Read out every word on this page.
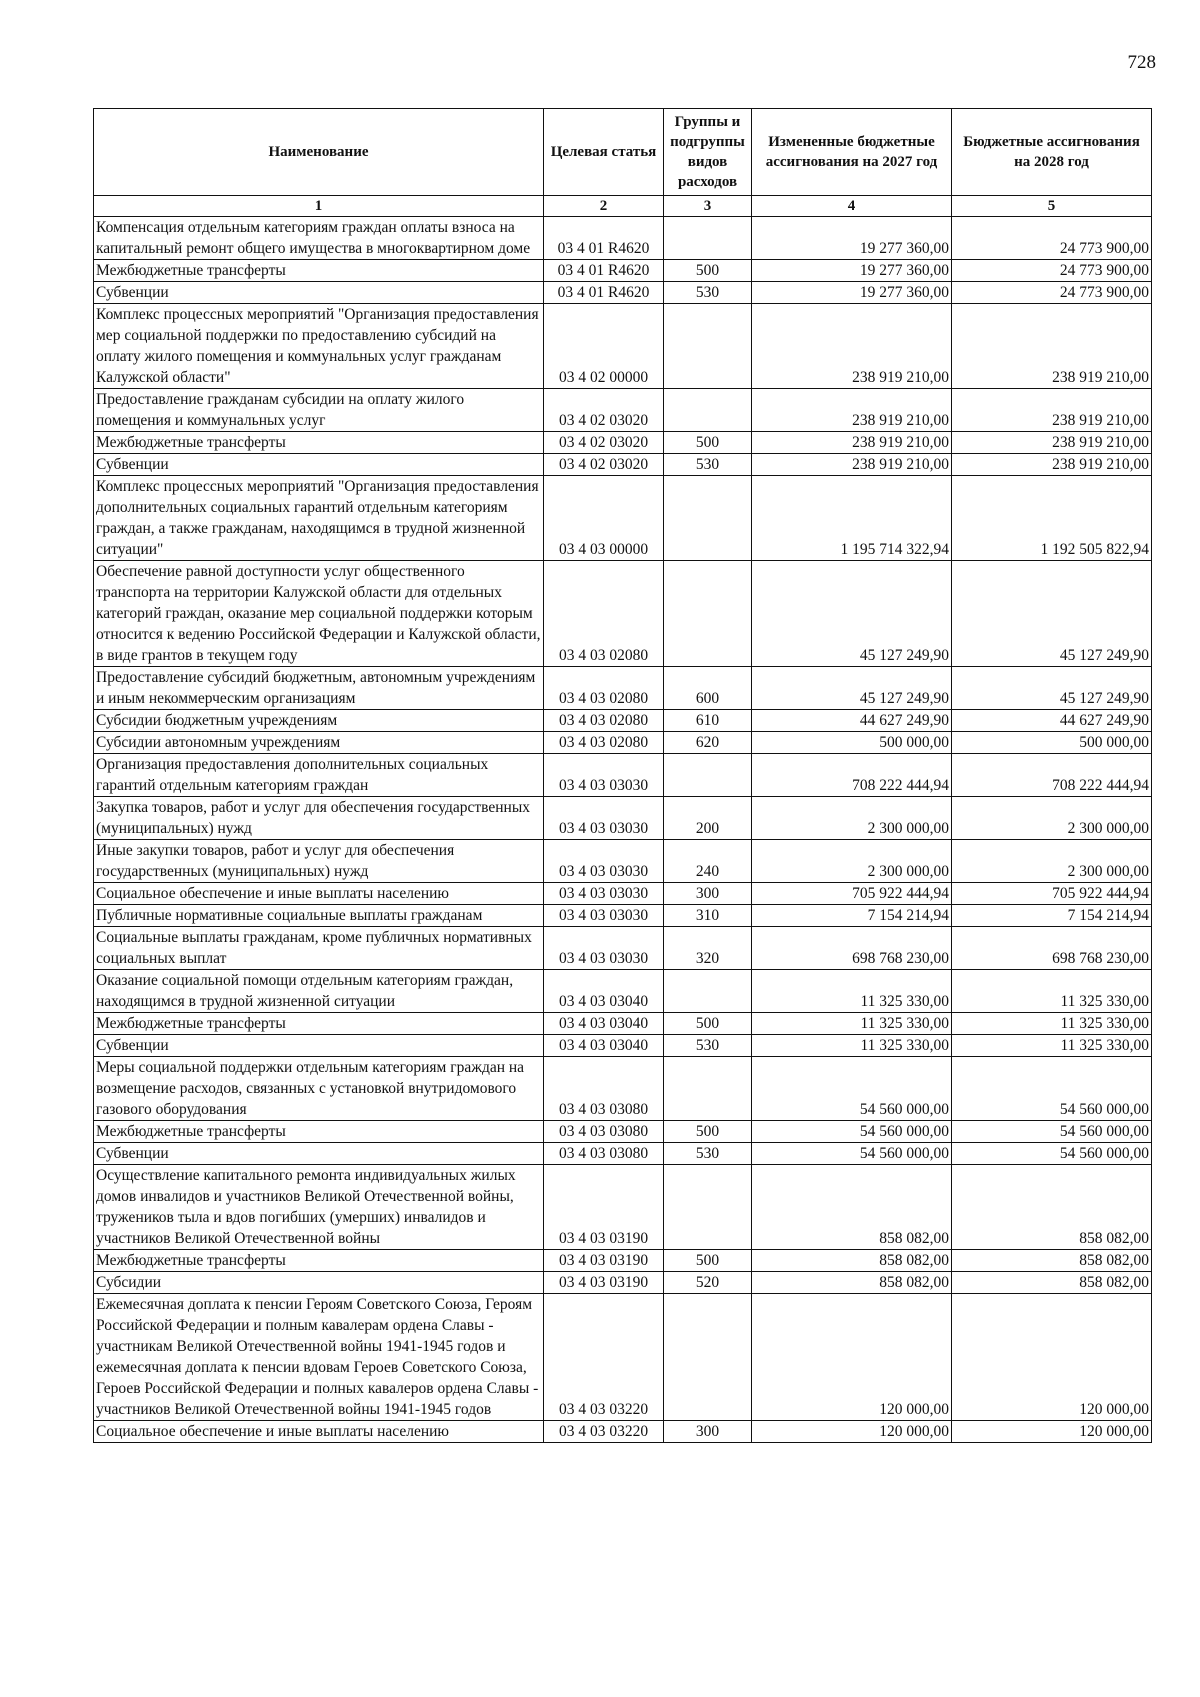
728
Наименование	Целевая статья	Группы и подгруппы видов расходов	Измененные бюджетные ассигнования на 2027 год	Бюджетные ассигнования на 2028 год
1	2	3	4	5
Компенсация отдельным категориям граждан оплаты взноса на капитальный ремонт общего имущества в многоквартирном доме	03 4 01 R4620		19 277 360,00	24 773 900,00
Межбюджетные трансферты	03 4 01 R4620	500	19 277 360,00	24 773 900,00
Субвенции	03 4 01 R4620	530	19 277 360,00	24 773 900,00
Комплекс процессных мероприятий "Организация предоставления мер социальной поддержки по предоставлению субсидий на оплату жилого помещения и коммунальных услуг гражданам Калужской области"	03 4 02 00000		238 919 210,00	238 919 210,00
Предоставление гражданам субсидии на оплату жилого помещения и коммунальных услуг	03 4 02 03020		238 919 210,00	238 919 210,00
Межбюджетные трансферты	03 4 02 03020	500	238 919 210,00	238 919 210,00
Субвенции	03 4 02 03020	530	238 919 210,00	238 919 210,00
Комплекс процессных мероприятий "Организация предоставления дополнительных социальных гарантий отдельным категориям граждан, а также гражданам, находящимся в трудной жизненной ситуации"	03 4 03 00000		1 195 714 322,94	1 192 505 822,94
Обеспечение равной доступности услуг общественного транспорта на территории Калужской области для отдельных категорий граждан, оказание мер социальной поддержки которым относится к ведению Российской Федерации и Калужской области, в виде грантов в текущем году	03 4 03 02080		45 127 249,90	45 127 249,90
Предоставление субсидий бюджетным, автономным учреждениям и иным некоммерческим организациям	03 4 03 02080	600	45 127 249,90	45 127 249,90
Субсидии бюджетным учреждениям	03 4 03 02080	610	44 627 249,90	44 627 249,90
Субсидии автономным учреждениям	03 4 03 02080	620	500 000,00	500 000,00
Организация предоставления дополнительных социальных гарантий отдельным категориям граждан	03 4 03 03030		708 222 444,94	708 222 444,94
Закупка товаров, работ и услуг для обеспечения государственных (муниципальных) нужд	03 4 03 03030	200	2 300 000,00	2 300 000,00
Иные закупки товаров, работ и услуг для обеспечения государственных (муниципальных) нужд	03 4 03 03030	240	2 300 000,00	2 300 000,00
Социальное обеспечение и иные выплаты населению	03 4 03 03030	300	705 922 444,94	705 922 444,94
Публичные нормативные социальные выплаты гражданам	03 4 03 03030	310	7 154 214,94	7 154 214,94
Социальные выплаты гражданам, кроме публичных нормативных социальных выплат	03 4 03 03030	320	698 768 230,00	698 768 230,00
Оказание социальной помощи отдельным категориям граждан, находящимся в трудной жизненной ситуации	03 4 03 03040		11 325 330,00	11 325 330,00
Межбюджетные трансферты	03 4 03 03040	500	11 325 330,00	11 325 330,00
Субвенции	03 4 03 03040	530	11 325 330,00	11 325 330,00
Меры социальной поддержки отдельным категориям граждан на возмещение расходов, связанных с установкой внутридомового газового оборудования	03 4 03 03080		54 560 000,00	54 560 000,00
Межбюджетные трансферты	03 4 03 03080	500	54 560 000,00	54 560 000,00
Субвенции	03 4 03 03080	530	54 560 000,00	54 560 000,00
Осуществление капитального ремонта индивидуальных жилых домов инвалидов и участников Великой Отечественной войны, тружеников тыла и вдов погибших (умерших) инвалидов и участников Великой Отечественной войны	03 4 03 03190		858 082,00	858 082,00
Межбюджетные трансферты	03 4 03 03190	500	858 082,00	858 082,00
Субсидии	03 4 03 03190	520	858 082,00	858 082,00
Ежемесячная доплата к пенсии Героям Советского Союза, Героям Российской Федерации и полным кавалерам ордена Славы - участникам Великой Отечественной войны 1941-1945 годов и ежемесячная доплата к пенсии вдовам Героев Советского Союза, Героев Российской Федерации и полных кавалеров ордена Славы - участников Великой Отечественной войны 1941-1945 годов	03 4 03 03220		120 000,00	120 000,00
Социальное обеспечение и иные выплаты населению	03 4 03 03220	300	120 000,00	120 000,00
